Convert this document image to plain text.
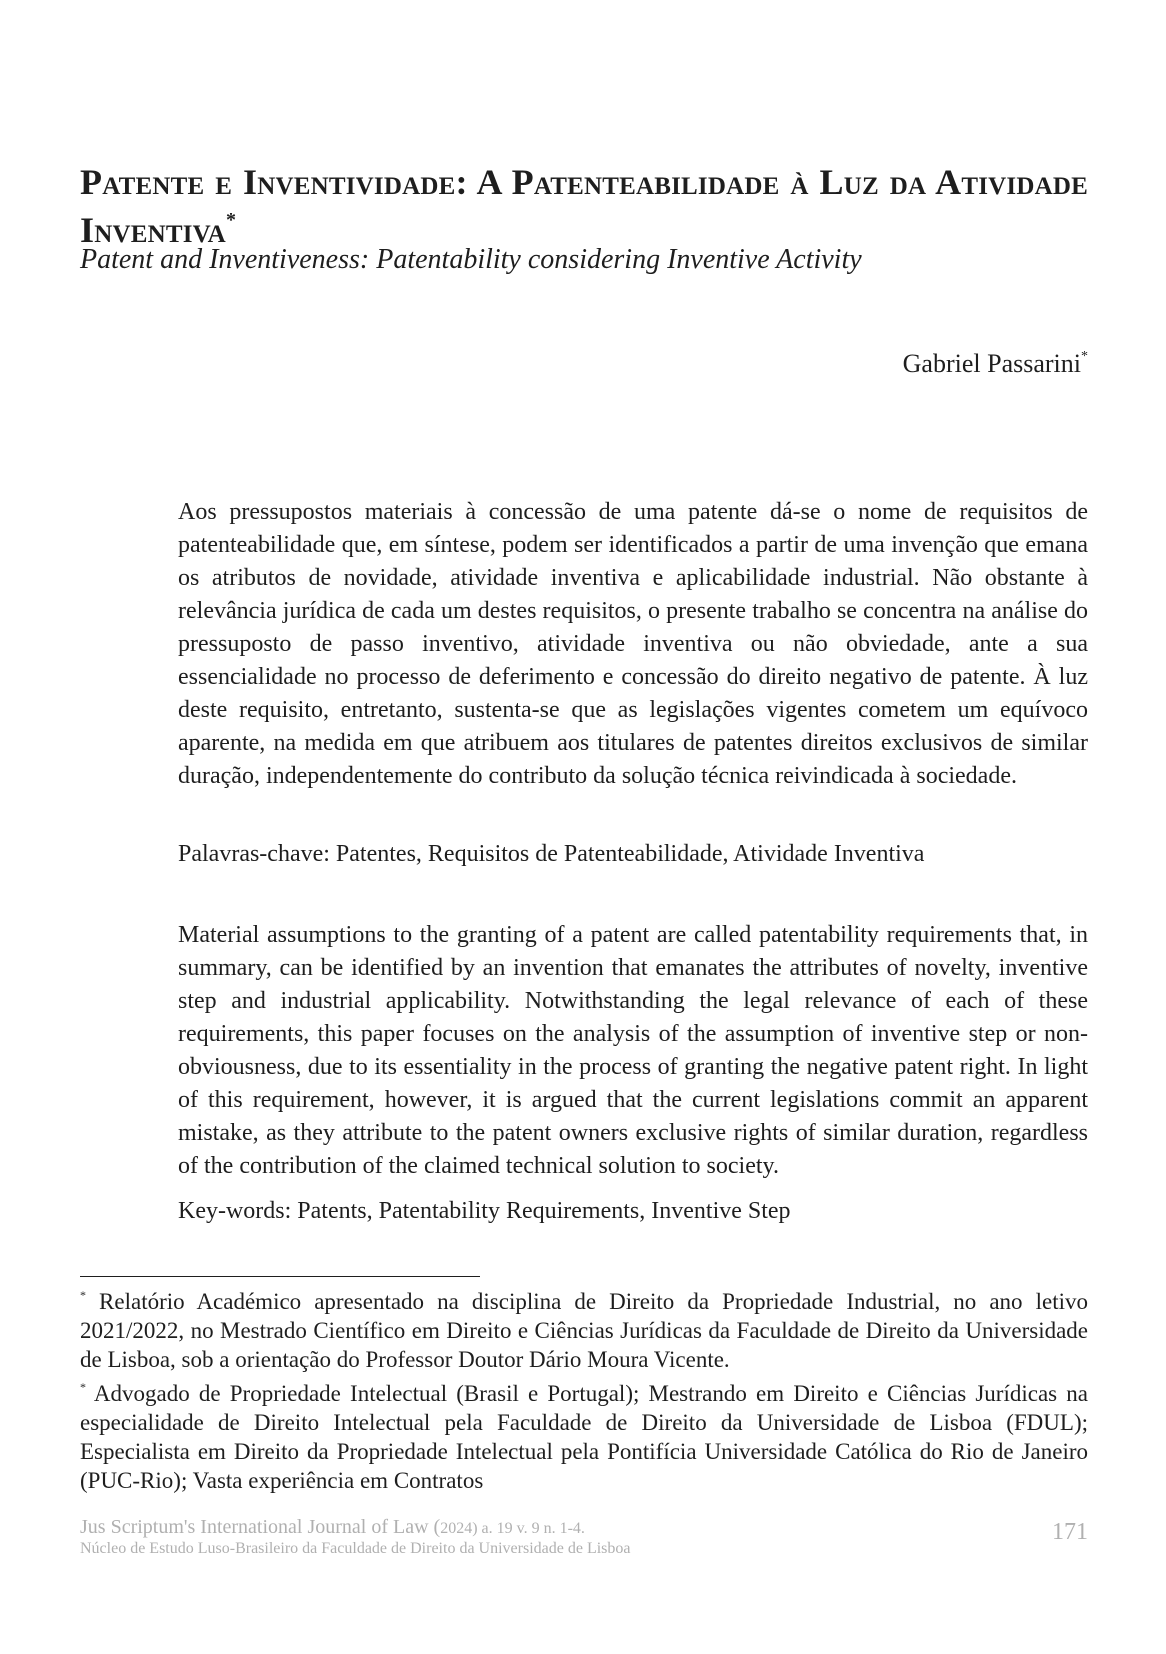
Patente e Inventividade: A Patenteabilidade à Luz da Atividade Inventiva*
Patent and Inventiveness: Patentability considering Inventive Activity
Gabriel Passarini*

Aos pressupostos materiais à concessão de uma patente dá-se o nome de requisitos de patenteabilidade que, em síntese, podem ser identificados a partir de uma invenção que emana os atributos de novidade, atividade inventiva e aplicabilidade industrial. Não obstante à relevância jurídica de cada um destes requisitos, o presente trabalho se concentra na análise do pressuposto de passo inventivo, atividade inventiva ou não obviedade, ante a sua essencialidade no processo de deferimento e concessão do direito negativo de patente. À luz deste requisito, entretanto, sustenta-se que as legislações vigentes cometem um equívoco aparente, na medida em que atribuem aos titulares de patentes direitos exclusivos de similar duração, independentemente do contributo da solução técnica reivindicada à sociedade.

Palavras-chave: Patentes, Requisitos de Patenteabilidade, Atividade Inventiva

Material assumptions to the granting of a patent are called patentability requirements that, in summary, can be identified by an invention that emanates the attributes of novelty, inventive step and industrial applicability. Notwithstanding the legal relevance of each of these requirements, this paper focuses on the analysis of the assumption of inventive step or non-obviousness, due to its essentiality in the process of granting the negative patent right. In light of this requirement, however, it is argued that the current legislations commit an apparent mistake, as they attribute to the patent owners exclusive rights of similar duration, regardless of the contribution of the claimed technical solution to society.

Key-words: Patents, Patentability Requirements, Inventive Step

* Relatório Académico apresentado na disciplina de Direito da Propriedade Industrial, no ano letivo 2021/2022, no Mestrado Científico em Direito e Ciências Jurídicas da Faculdade de Direito da Universidade de Lisboa, sob a orientação do Professor Doutor Dário Moura Vicente.

* Advogado de Propriedade Intelectual (Brasil e Portugal); Mestrando em Direito e Ciências Jurídicas na especialidade de Direito Intelectual pela Faculdade de Direito da Universidade de Lisboa (FDUL); Especialista em Direito da Propriedade Intelectual pela Pontifícia Universidade Católica do Rio de Janeiro (PUC-Rio); Vasta experiência em Contratos

Jus Scriptum's International Journal of Law (2024) a. 19 v. 9 n. 1-4.
Núcleo de Estudo Luso-Brasileiro da Faculdade de Direito da Universidade de Lisboa
171
